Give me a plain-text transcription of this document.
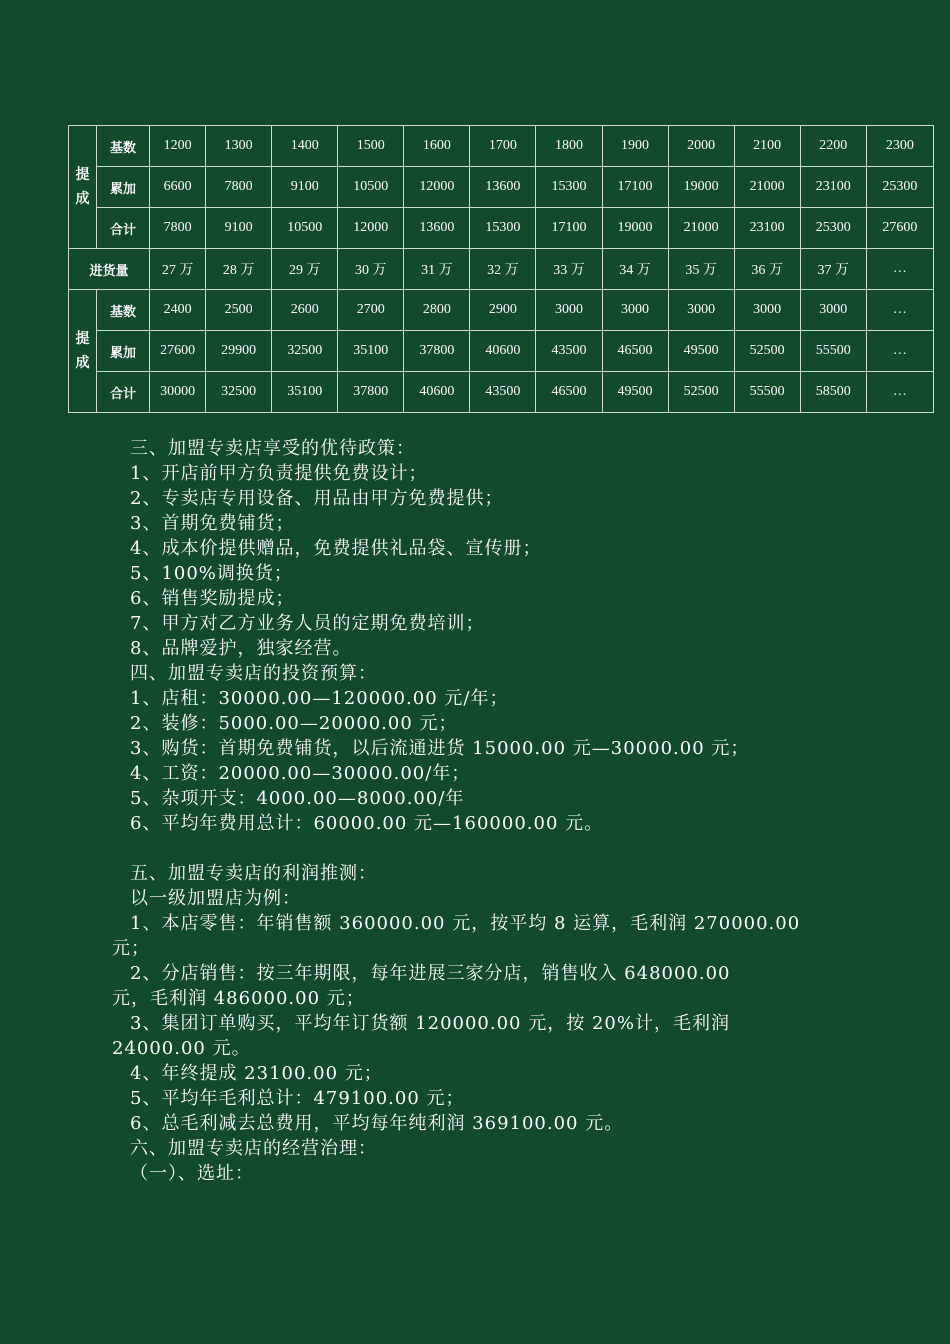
提
成	基数	1200	1300	1400	1500	1600	1700	1800	1900	2000	2100	2200	2300
	累加	6600	7800	9100	10500	12000	13600	15300	17100	19000	21000	23100	25300
	合计	7800	9100	10500	12000	13600	15300	17100	19000	21000	23100	25300	27600
进货量		27 万	28 万	29 万	30 万	31 万	32 万	33 万	34 万	35 万	36 万	37 万	…

提
成	基数	2400	2500	2600	2700	2800	2900	3000	3000	3000	3000	3000	…
	累加	27600	29900	32500	35100	37800	40600	43500	46500	49500	52500	55500	…
	合计	30000	32500	35100	37800	40600	43500	46500	49500	52500	55500	58500	…
三、加盟专卖店享受的优待政策：
1、开店前甲方负责提供免费设计；
2、专卖店专用设备、用品由甲方免费提供；
3、首期免费铺货；
4、成本价提供赠品，免费提供礼品袋、宣传册；
5、100%调换货；
6、销售奖励提成；
7、甲方对乙方业务人员的定期免费培训；
8、品牌爱护，独家经营。
四、加盟专卖店的投资预算：
1、店租：30000.00—120000.00 元/年；
2、装修：5000.00—20000.00 元；
3、购货：首期免费铺货，以后流通进货 15000.00 元—30000.00 元；
4、工资：20000.00—30000.00/年；
5、杂项开支：4000.00—8000.00/年
6、平均年费用总计：60000.00 元—160000.00 元。
五、加盟专卖店的利润推测：
以一级加盟店为例：
1、本店零售：年销售额 360000.00 元，按平均 8 运算，毛利润 270000.00
元；
2、分店销售：按三年期限，每年进展三家分店，销售收入 648000.00
元，毛利润 486000.00 元；
3、集团订单购买，平均年订货额 120000.00 元，按 20%计，毛利润
24000.00 元。
4、年终提成 23100.00 元；
5、平均年毛利总计：479100.00 元；
6、总毛利减去总费用，平均每年纯利润 369100.00 元。
六、加盟专卖店的经营治理：
（一）、选址：
